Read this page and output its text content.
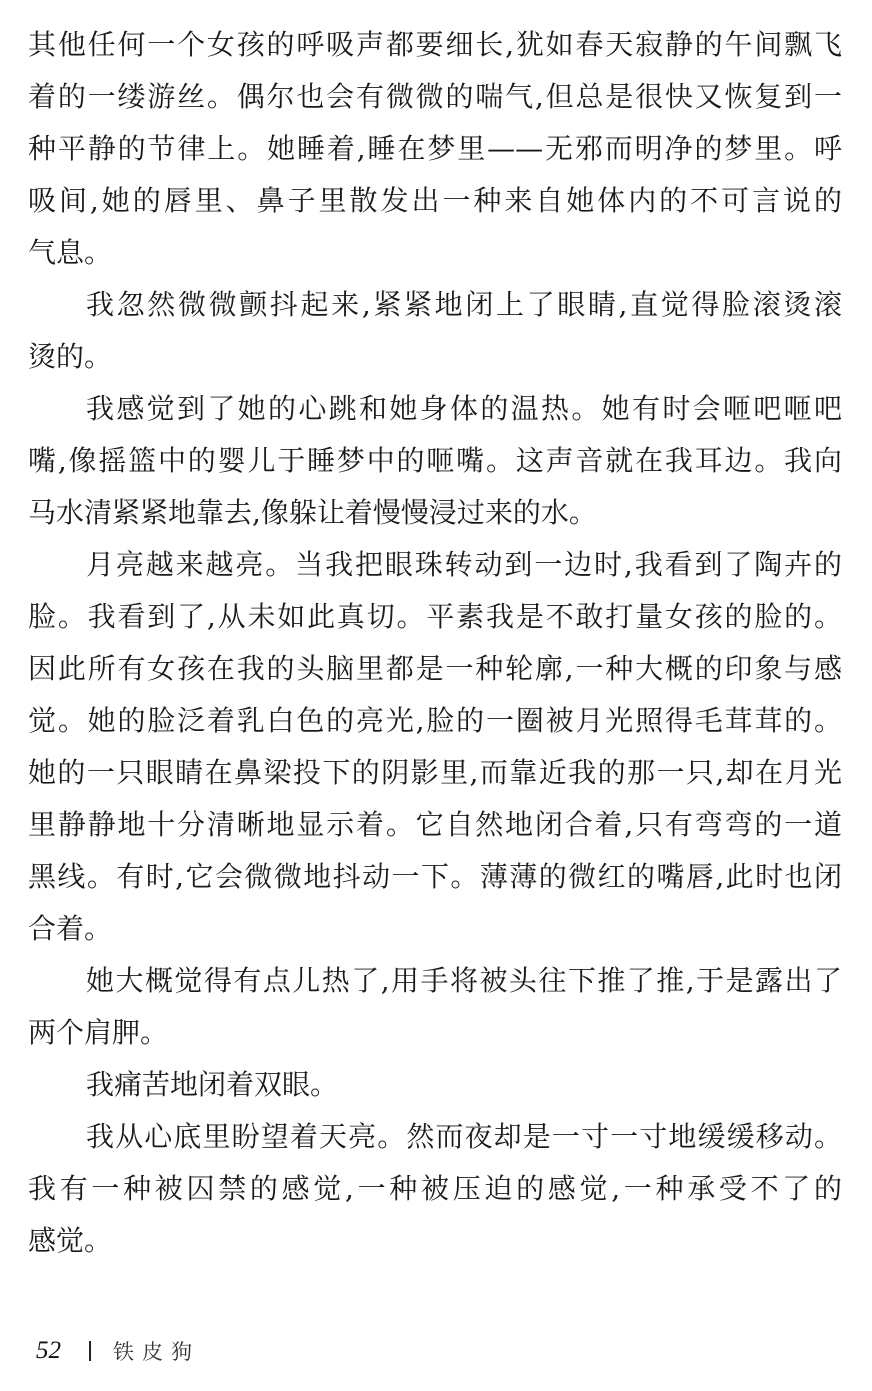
其他任何一个女孩的呼吸声都要细长,犹如春天寂静的午间飘飞
着的一缕游丝。偶尔也会有微微的喘气,但总是很快又恢复到一
种平静的节律上。她睡着,睡在梦里——无邪而明净的梦里。呼
吸间,她的唇里、鼻子里散发出一种来自她体内的不可言说的
气息。
我忽然微微颤抖起来,紧紧地闭上了眼睛,直觉得脸滚烫滚
烫的。
我感觉到了她的心跳和她身体的温热。她有时会咂吧咂吧
嘴,像摇篮中的婴儿于睡梦中的咂嘴。这声音就在我耳边。我向
马水清紧紧地靠去,像躲让着慢慢浸过来的水。
月亮越来越亮。当我把眼珠转动到一边时,我看到了陶卉的
脸。我看到了,从未如此真切。平素我是不敢打量女孩的脸的。
因此所有女孩在我的头脑里都是一种轮廓,一种大概的印象与感
觉。她的脸泛着乳白色的亮光,脸的一圈被月光照得毛茸茸的。
她的一只眼睛在鼻梁投下的阴影里,而靠近我的那一只,却在月光
里静静地十分清晰地显示着。它自然地闭合着,只有弯弯的一道
黑线。有时,它会微微地抖动一下。薄薄的微红的嘴唇,此时也闭
合着。
她大概觉得有点儿热了,用手将被头往下推了推,于是露出了
两个肩胛。
我痛苦地闭着双眼。
我从心底里盼望着天亮。然而夜却是一寸一寸地缓缓移动。
我有一种被囚禁的感觉,一种被压迫的感觉,一种承受不了的
感觉。
52 铁皮狗
